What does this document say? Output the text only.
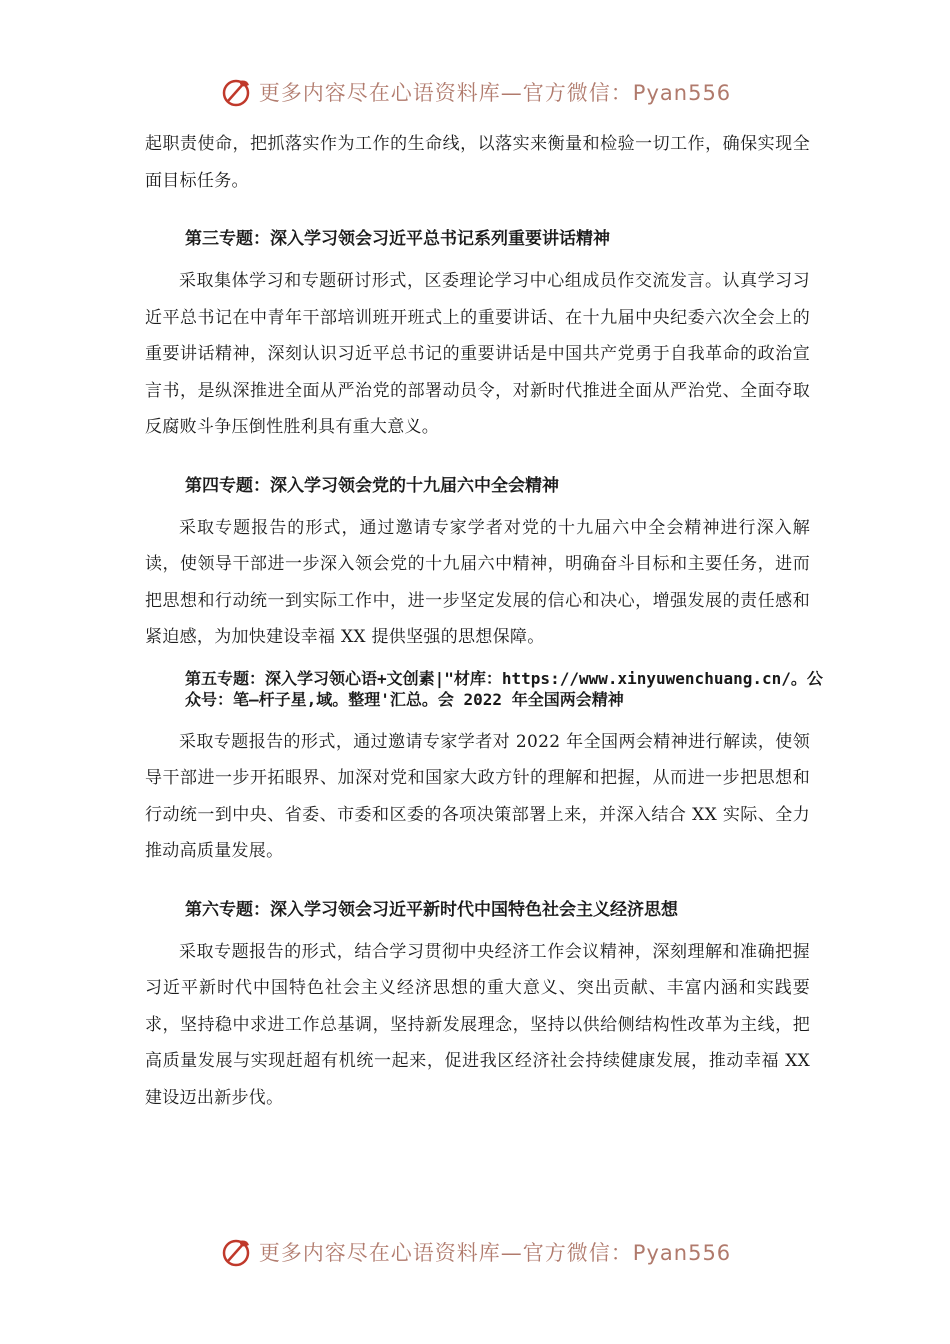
更多内容尽在心语资料库—官方微信：Pyan556

起职责使命，把抓落实作为工作的生命线，以落实来衡量和检验一切工作，确保实现全面目标任务。

第三专题：深入学习领会习近平总书记系列重要讲话精神

采取集体学习和专题研讨形式，区委理论学习中心组成员作交流发言。认真学习习近平总书记在中青年干部培训班开班式上的重要讲话、在十九届中央纪委六次全会上的重要讲话精神，深刻认识习近平总书记的重要讲话是中国共产党勇于自我革命的政治宣言书，是纵深推进全面从严治党的部署动员令，对新时代推进全面从严治党、全面夺取反腐败斗争压倒性胜利具有重大意义。

第四专题：深入学习领会党的十九届六中全会精神

采取专题报告的形式，通过邀请专家学者对党的十九届六中全会精神进行深入解读，使领导干部进一步深入领会党的十九届六中精神，明确奋斗目标和主要任务，进而把思想和行动统一到实际工作中，进一步坚定发展的信心和决心，增强发展的责任感和紧迫感，为加快建设幸福 XX 提供坚强的思想保障。

第五专题：深入学习领心语+文创素|"材库：https://www.xinyuwenchuang.cn/。公众号：笔—杆子星,域。整理'汇总。会 2022 年全国两会精神

采取专题报告的形式，通过邀请专家学者对 2022 年全国两会精神进行解读，使领导干部进一步开拓眼界、加深对党和国家大政方针的理解和把握，从而进一步把思想和行动统一到中央、省委、市委和区委的各项决策部署上来，并深入结合 XX 实际、全力推动高质量发展。

第六专题：深入学习领会习近平新时代中国特色社会主义经济思想

采取专题报告的形式，结合学习贯彻中央经济工作会议精神，深刻理解和准确把握习近平新时代中国特色社会主义经济思想的重大意义、突出贡献、丰富内涵和实践要求，坚持稳中求进工作总基调，坚持新发展理念，坚持以供给侧结构性改革为主线，把高质量发展与实现赶超有机统一起来，促进我区经济社会持续健康发展，推动幸福 XX 建设迈出新步伐。

更多内容尽在心语资料库—官方微信：Pyan556
